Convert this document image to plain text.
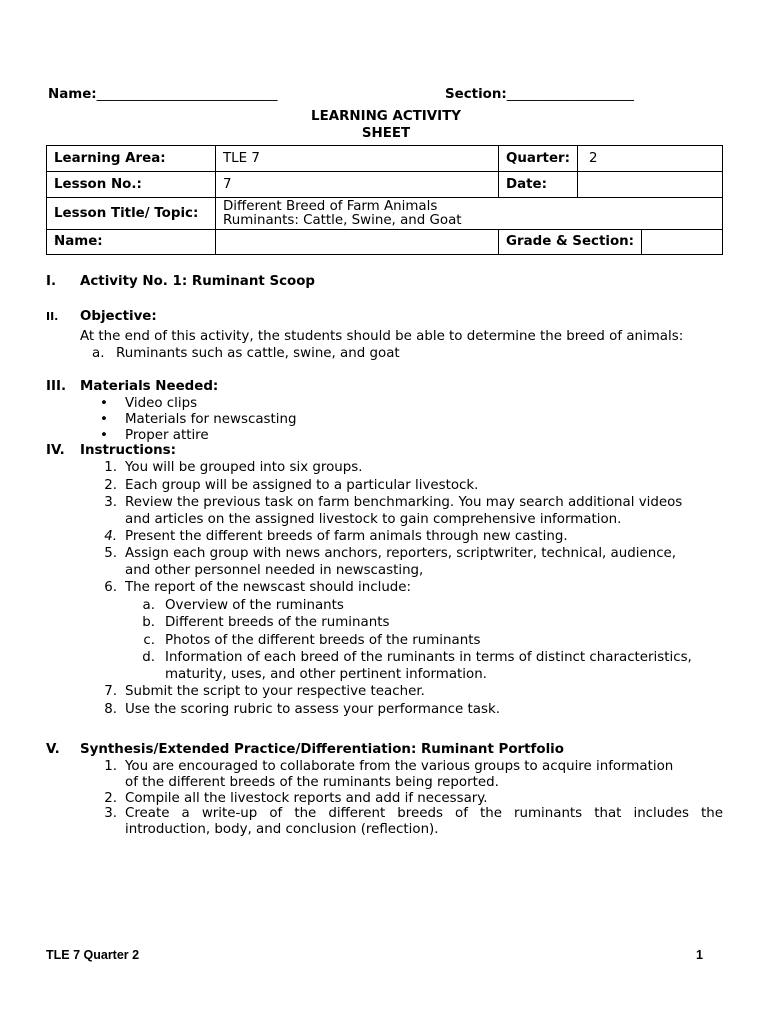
Name:___________________________	Section:___________________
LEARNING ACTIVITY
SHEET
Learning Area:	TLE 7	Quarter:	2	
Lesson No.:	7	Date:		
Lesson Title/ Topic:	Different Breed of Farm Animals
Ruminants: Cattle, Swine, and Goat			

Name:		Grade & Section:		
I. Activity No. 1: Ruminant Scoop
II. Objective:
At the end of this activity, the students should be able to determine the breed of animals:
a. Ruminants such as cattle, swine, and goat
III. Materials Needed:
• Video clips
• Materials for newscasting
• Proper attire
IV. Instructions:
1. You will be grouped into six groups.
2. Each group will be assigned to a particular livestock.
3. Review the previous task on farm benchmarking. You may search additional videos
and articles on the assigned livestock to gain comprehensive information.
4. Present the different breeds of farm animals through new casting.
5. Assign each group with news anchors, reporters, scriptwriter, technical, audience,
and other personnel needed in newscasting,
6. The report of the newscast should include:
a. Overview of the ruminants
b. Different breeds of the ruminants
c. Photos of the different breeds of the ruminants
d. Information of each breed of the ruminants in terms of distinct characteristics,
maturity, uses, and other pertinent information.
7. Submit the script to your respective teacher.
8. Use the scoring rubric to assess your performance task.
V. Synthesis/Extended Practice/Differentiation: Ruminant Portfolio
1. You are encouraged to collaborate from the various groups to acquire information
of the different breeds of the ruminants being reported.
2. Compile all the livestock reports and add if necessary.
3. Create a write-up of the different breeds of the ruminants that includes the
introduction, body, and conclusion (reflection).
TLE 7 Quarter 2	1
